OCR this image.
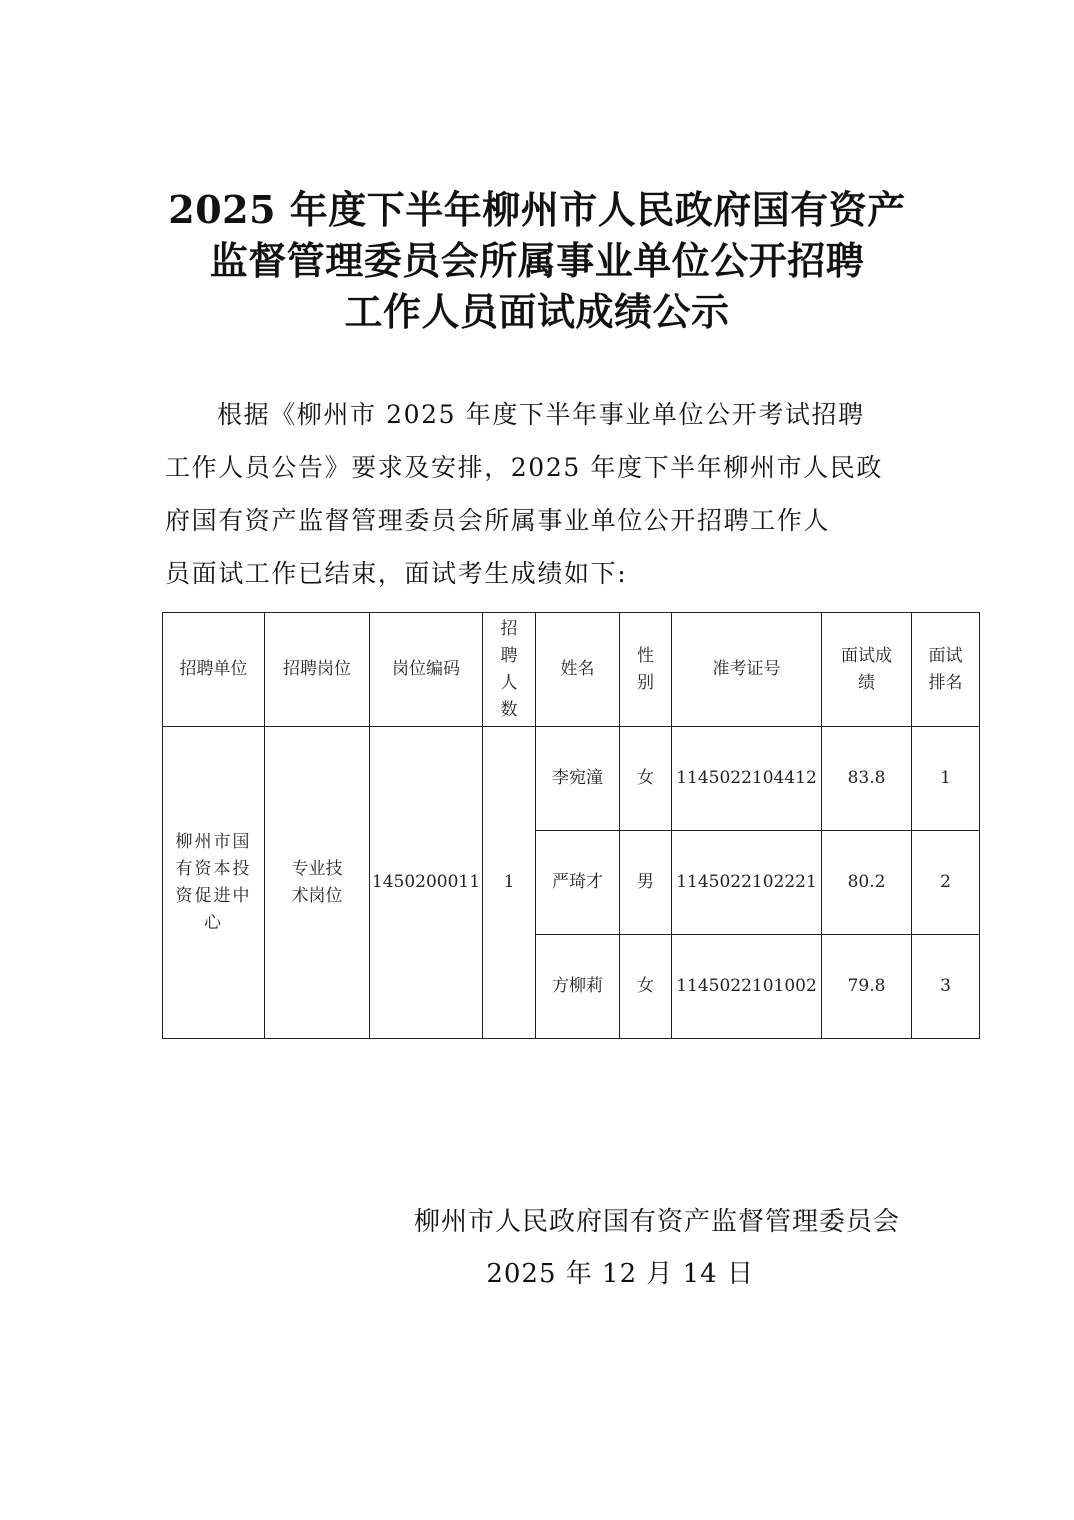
2025 年度下半年柳州市人民政府国有资产
监督管理委员会所属事业单位公开招聘
工作人员面试成绩公示
根据《柳州市 2025 年度下半年事业单位公开考试招聘
工作人员公告》要求及安排，2025 年度下半年柳州市人民政
府国有资产监督管理委员会所属事业单位公开招聘工作人
员面试工作已结束，面试考生成绩如下:
招聘单位	招聘岗位	岗位编码	招聘人数	姓名	性别	准考证号	面试成绩	面试排名
柳州市国有资本投资促进中心	专业技术岗位	1450200011	1	李宛潼	女	1145022104412	83.8	1
				严琦才	男	1145022102221	80.2	2
				方柳莉	女	1145022101002	79.8	3
柳州市人民政府国有资产监督管理委员会
2025 年 12 月 14 日
